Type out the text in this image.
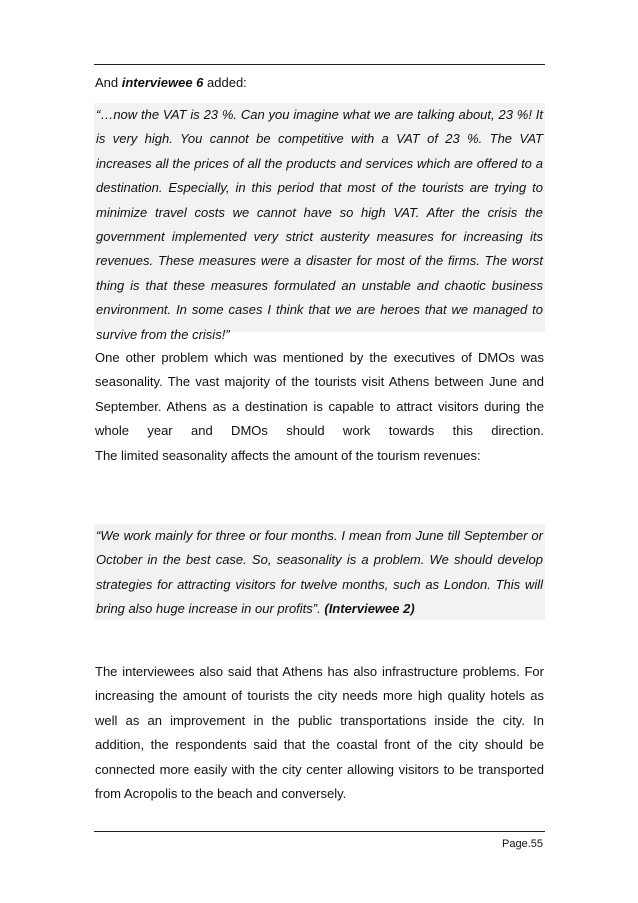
And interviewee 6 added:
“…now the VAT is 23 %. Can you imagine what we are talking about, 23 %! It is very high. You cannot be competitive with a VAT of 23 %. The VAT increases all the prices of all the products and services which are offered to a destination. Especially, in this period that most of the tourists are trying to minimize travel costs we cannot have so high VAT. After the crisis the government implemented very strict austerity measures for increasing its revenues. These measures were a disaster for most of the firms. The worst thing is that these measures formulated an unstable and chaotic business environment. In some cases I think that we are heroes that we managed to survive from the crisis!”
One other problem which was mentioned by the executives of DMOs was seasonality. The vast majority of the tourists visit Athens between June and September. Athens as a destination is capable to attract visitors during the whole year and DMOs should work towards this direction.
The limited seasonality affects the amount of the tourism revenues:
“We work mainly for three or four months. I mean from June till September or October in the best case. So, seasonality is a problem. We should develop strategies for attracting visitors for twelve months, such as London. This will bring also huge increase in our profits”. (Interviewee 2)
The interviewees also said that Athens has also infrastructure problems. For increasing the amount of tourists the city needs more high quality hotels as well as an improvement in the public transportations inside the city. In addition, the respondents said that the coastal front of the city should be connected more easily with the city center allowing visitors to be transported from Acropolis to the beach and conversely.
Page.55
